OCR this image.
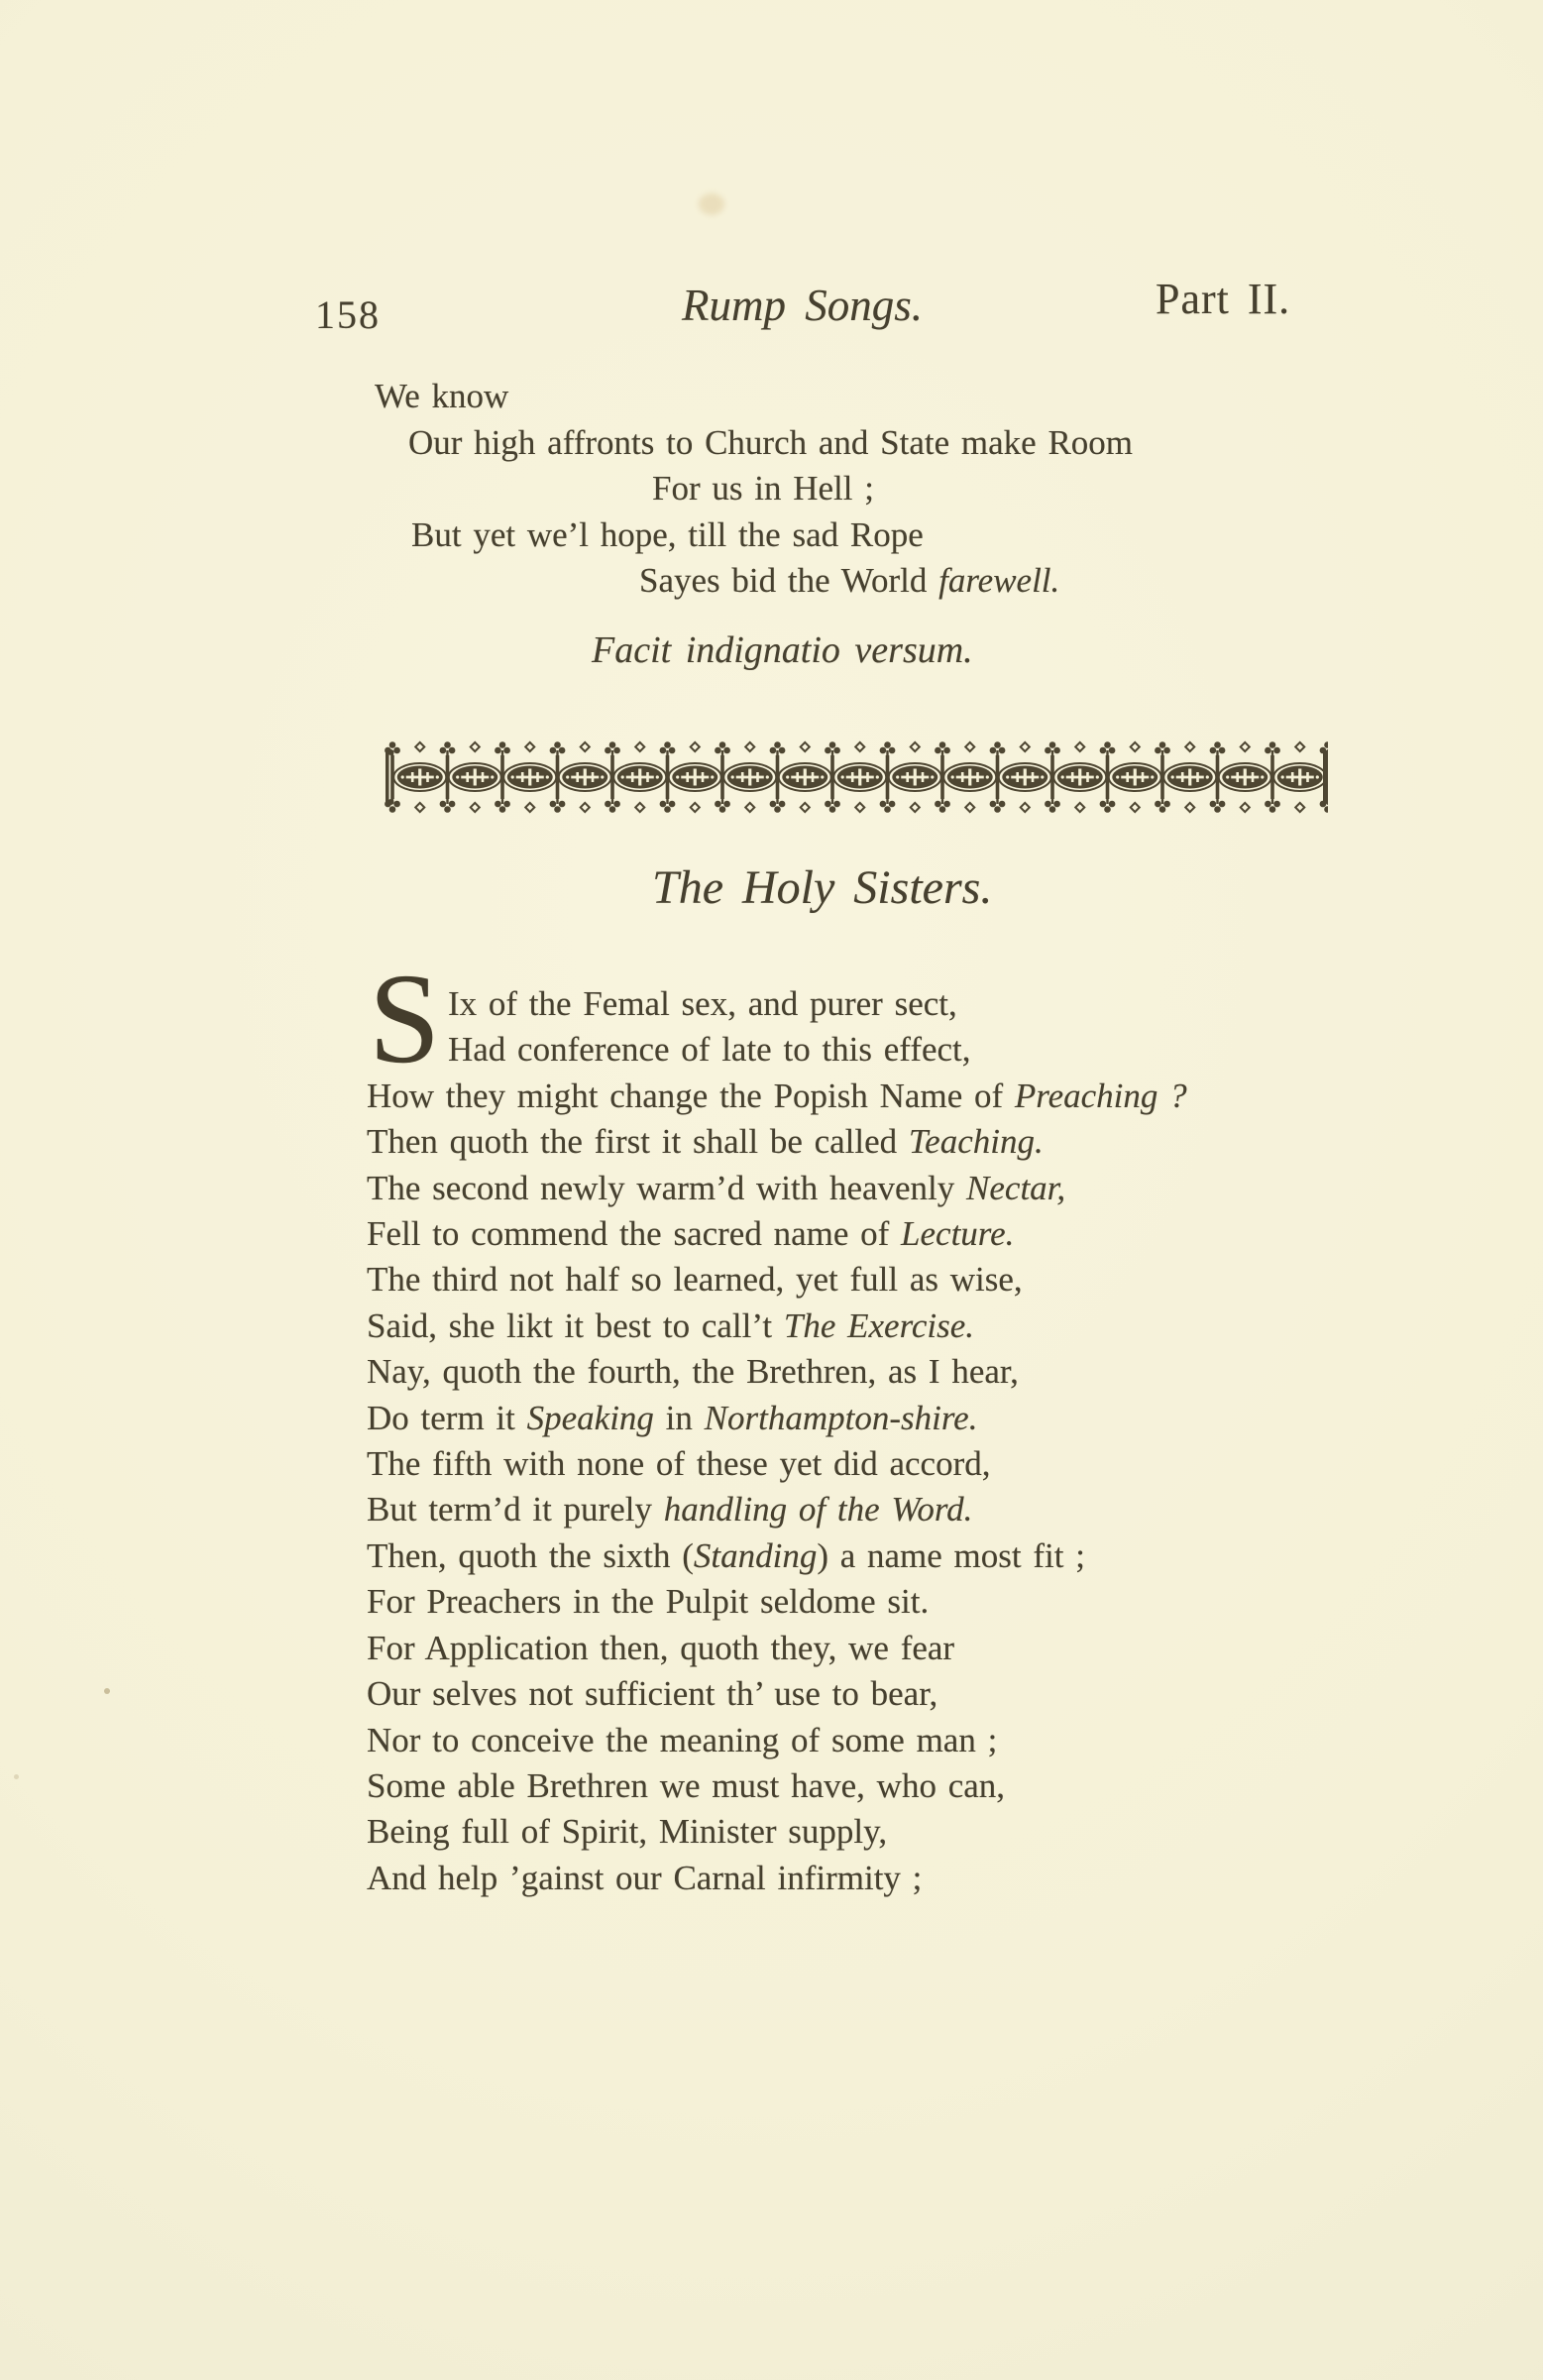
158	Rump Songs.	Part II.
We know
Our high affronts to Church and State make Room
For us in Hell ;
But yet we’l hope, till the sad Rope
Sayes bid the World farewell.
Facit indignatio versum.
The Holy Sisters.
S Ix of the Femal sex, and purer sect,
Had conference of late to this effect,
How they might change the Popish Name of Preaching ?
Then quoth the first it shall be called Teaching.
The second newly warm’d with heavenly Nectar,
Fell to commend the sacred name of Lecture.
The third not half so learned, yet full as wise,
Said, she likt it best to call’t The Exercise.
Nay, quoth the fourth, the Brethren, as I hear,
Do term it Speaking in Northampton-shire.
The fifth with none of these yet did accord,
But term’d it purely handling of the Word.
Then, quoth the sixth (Standing) a name most fit ;
For Preachers in the Pulpit seldome sit.
For Application then, quoth they, we fear
Our selves not sufficient th’ use to bear,
Nor to conceive the meaning of some man ;
Some able Brethren we must have, who can,
Being full of Spirit, Minister supply,
And help ’gainst our Carnal infirmity ;
